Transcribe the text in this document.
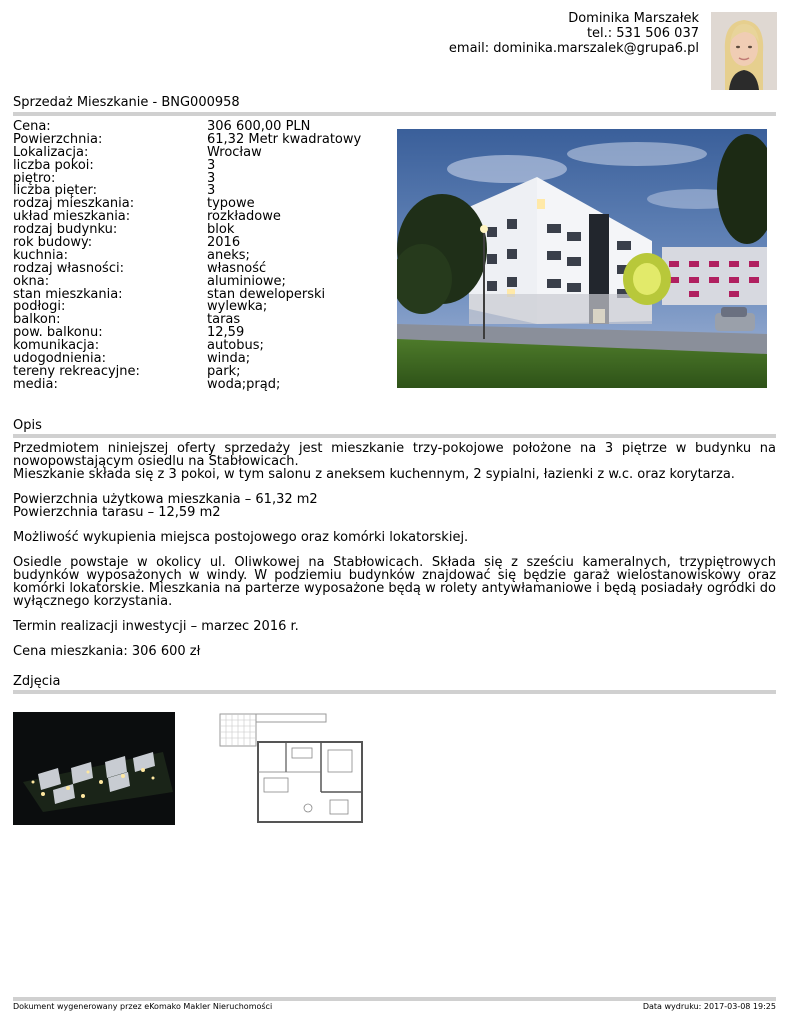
Dominika Marszałek
tel.: 531 506 037
email: dominika.marszalek@grupa6.pl
Sprzedaż Mieszkanie - BNG000958
Cena:	306 600,00 PLN
Powierzchnia:	61,32 Metr kwadratowy
Lokalizacja:	Wrocław
liczba pokoi:	3
piętro:	3
liczba pięter:	3
rodzaj mieszkania:	typowe
układ mieszkania:	rozkładowe
rodzaj budynku:	blok
rok budowy:	2016
kuchnia:	aneks;
rodzaj własności:	własność
okna:	aluminiowe;
stan mieszkania:	stan deweloperski
podłogi:	wylewka;
balkon:	taras
pow. balkonu:	12,59
komunikacja:	autobus;
udogodnienia:	winda;
tereny rekreacyjne:	park;
media:	woda;prąd;
Opis

Przedmiotem niniejszej oferty sprzedaży jest mieszkanie trzy-pokojowe położone na 3 piętrze w budynku na nowopowstającym osiedlu na Stabłowicach.

Mieszkanie składa się z 3 pokoi, w tym salonu z aneksem kuchennym, 2 sypialni, łazienki z w.c. oraz korytarza.

Powierzchnia użytkowa mieszkania – 61,32 m2

Powierzchnia tarasu – 12,59 m2

Możliwość wykupienia miejsca postojowego oraz komórki lokatorskiej.

Osiedle powstaje w okolicy ul. Oliwkowej na Stabłowicach. Składa się z sześciu kameralnych, trzypiętrowych budynków wyposażonych w windy. W podziemiu budynków znajdować się będzie garaż wielostanowiskowy oraz komórki lokatorskie. Mieszkania na parterze wyposażone będą w rolety antywłamaniowe i będą posiadały ogródki do wyłącznego korzystania.

Termin realizacji inwestycji – marzec 2016 r.

Cena mieszkania: 306 600 zł

Zdjęcia
Dokument wygenerowany przez eKomako Makler Nieruchomości	Data wydruku: 2017-03-08 19:25
